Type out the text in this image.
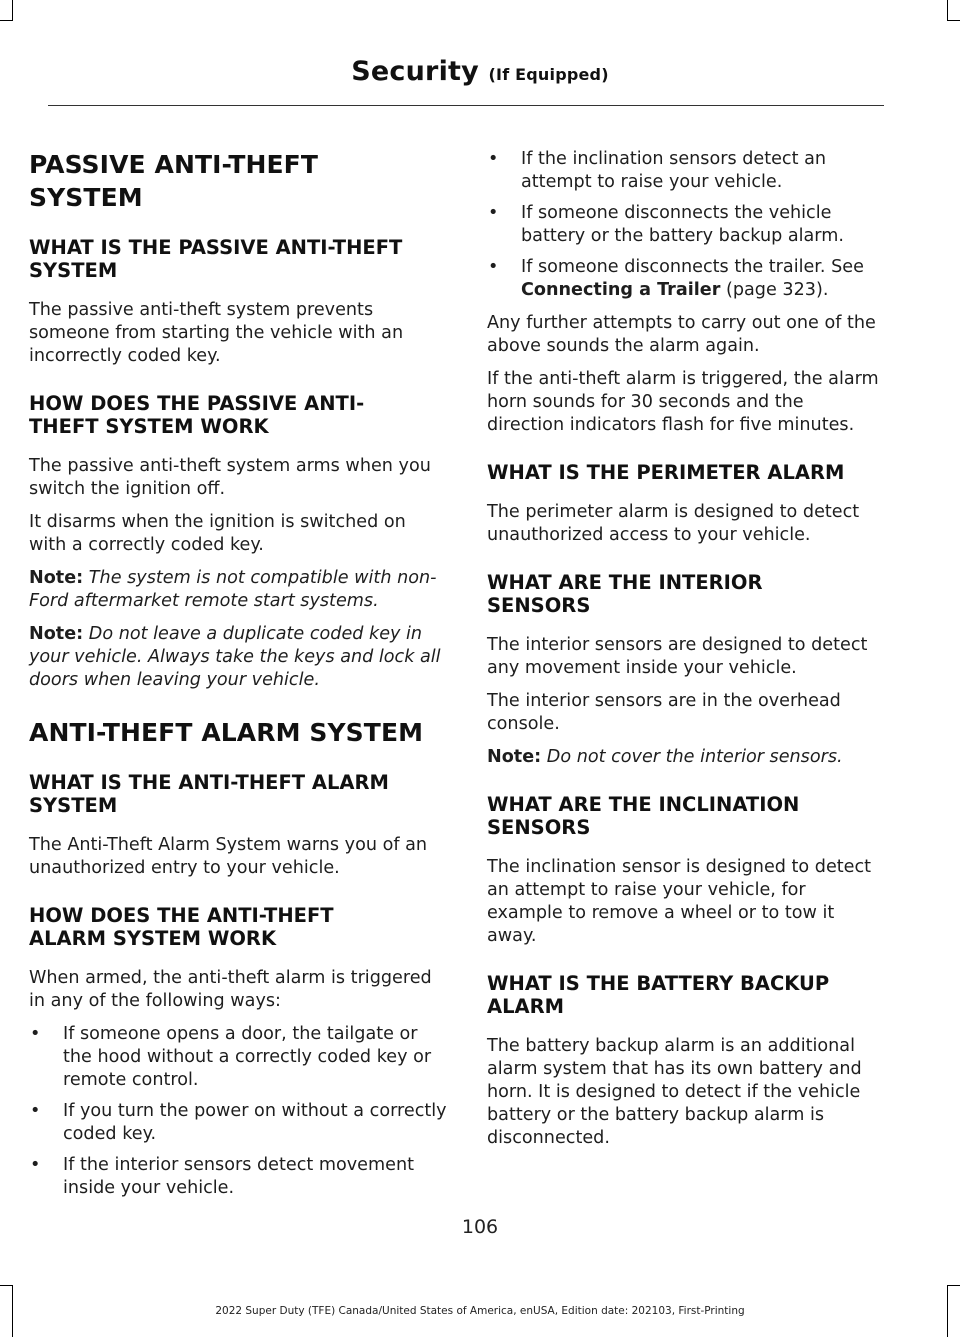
Security (If Equipped)
PASSIVE ANTI-THEFT SYSTEM
WHAT IS THE PASSIVE ANTI-THEFT SYSTEM

The passive anti-theft system prevents someone from starting the vehicle with an incorrectly coded key.

HOW DOES THE PASSIVE ANTI-THEFT SYSTEM WORK

The passive anti-theft system arms when you switch the ignition off.

It disarms when the ignition is switched on with a correctly coded key.

Note: The system is not compatible with non-Ford aftermarket remote start systems.

Note: Do not leave a duplicate coded key in your vehicle. Always take the keys and lock all doors when leaving your vehicle.

ANTI-THEFT ALARM SYSTEM
WHAT IS THE ANTI-THEFT ALARM SYSTEM

The Anti-Theft Alarm System warns you of an unauthorized entry to your vehicle.

HOW DOES THE ANTI-THEFT ALARM SYSTEM WORK

When armed, the anti-theft alarm is triggered in any of the following ways:

• If someone opens a door, the tailgate or the hood without a correctly coded key or remote control.
• If you turn the power on without a correctly coded key.
• If the interior sensors detect movement inside your vehicle.
• If the inclination sensors detect an attempt to raise your vehicle.
• If someone disconnects the vehicle battery or the battery backup alarm.
• If someone disconnects the trailer. See Connecting a Trailer (page 323).

Any further attempts to carry out one of the above sounds the alarm again.

If the anti-theft alarm is triggered, the alarm horn sounds for 30 seconds and the direction indicators flash for five minutes.

WHAT IS THE PERIMETER ALARM

The perimeter alarm is designed to detect unauthorized access to your vehicle.

WHAT ARE THE INTERIOR SENSORS

The interior sensors are designed to detect any movement inside your vehicle.

The interior sensors are in the overhead console.

Note: Do not cover the interior sensors.

WHAT ARE THE INCLINATION SENSORS

The inclination sensor is designed to detect an attempt to raise your vehicle, for example to remove a wheel or to tow it away.

WHAT IS THE BATTERY BACKUP ALARM

The battery backup alarm is an additional alarm system that has its own battery and horn. It is designed to detect if the vehicle battery or the battery backup alarm is disconnected.

106
2022 Super Duty (TFE) Canada/United States of America, enUSA, Edition date: 202103, First-Printing
